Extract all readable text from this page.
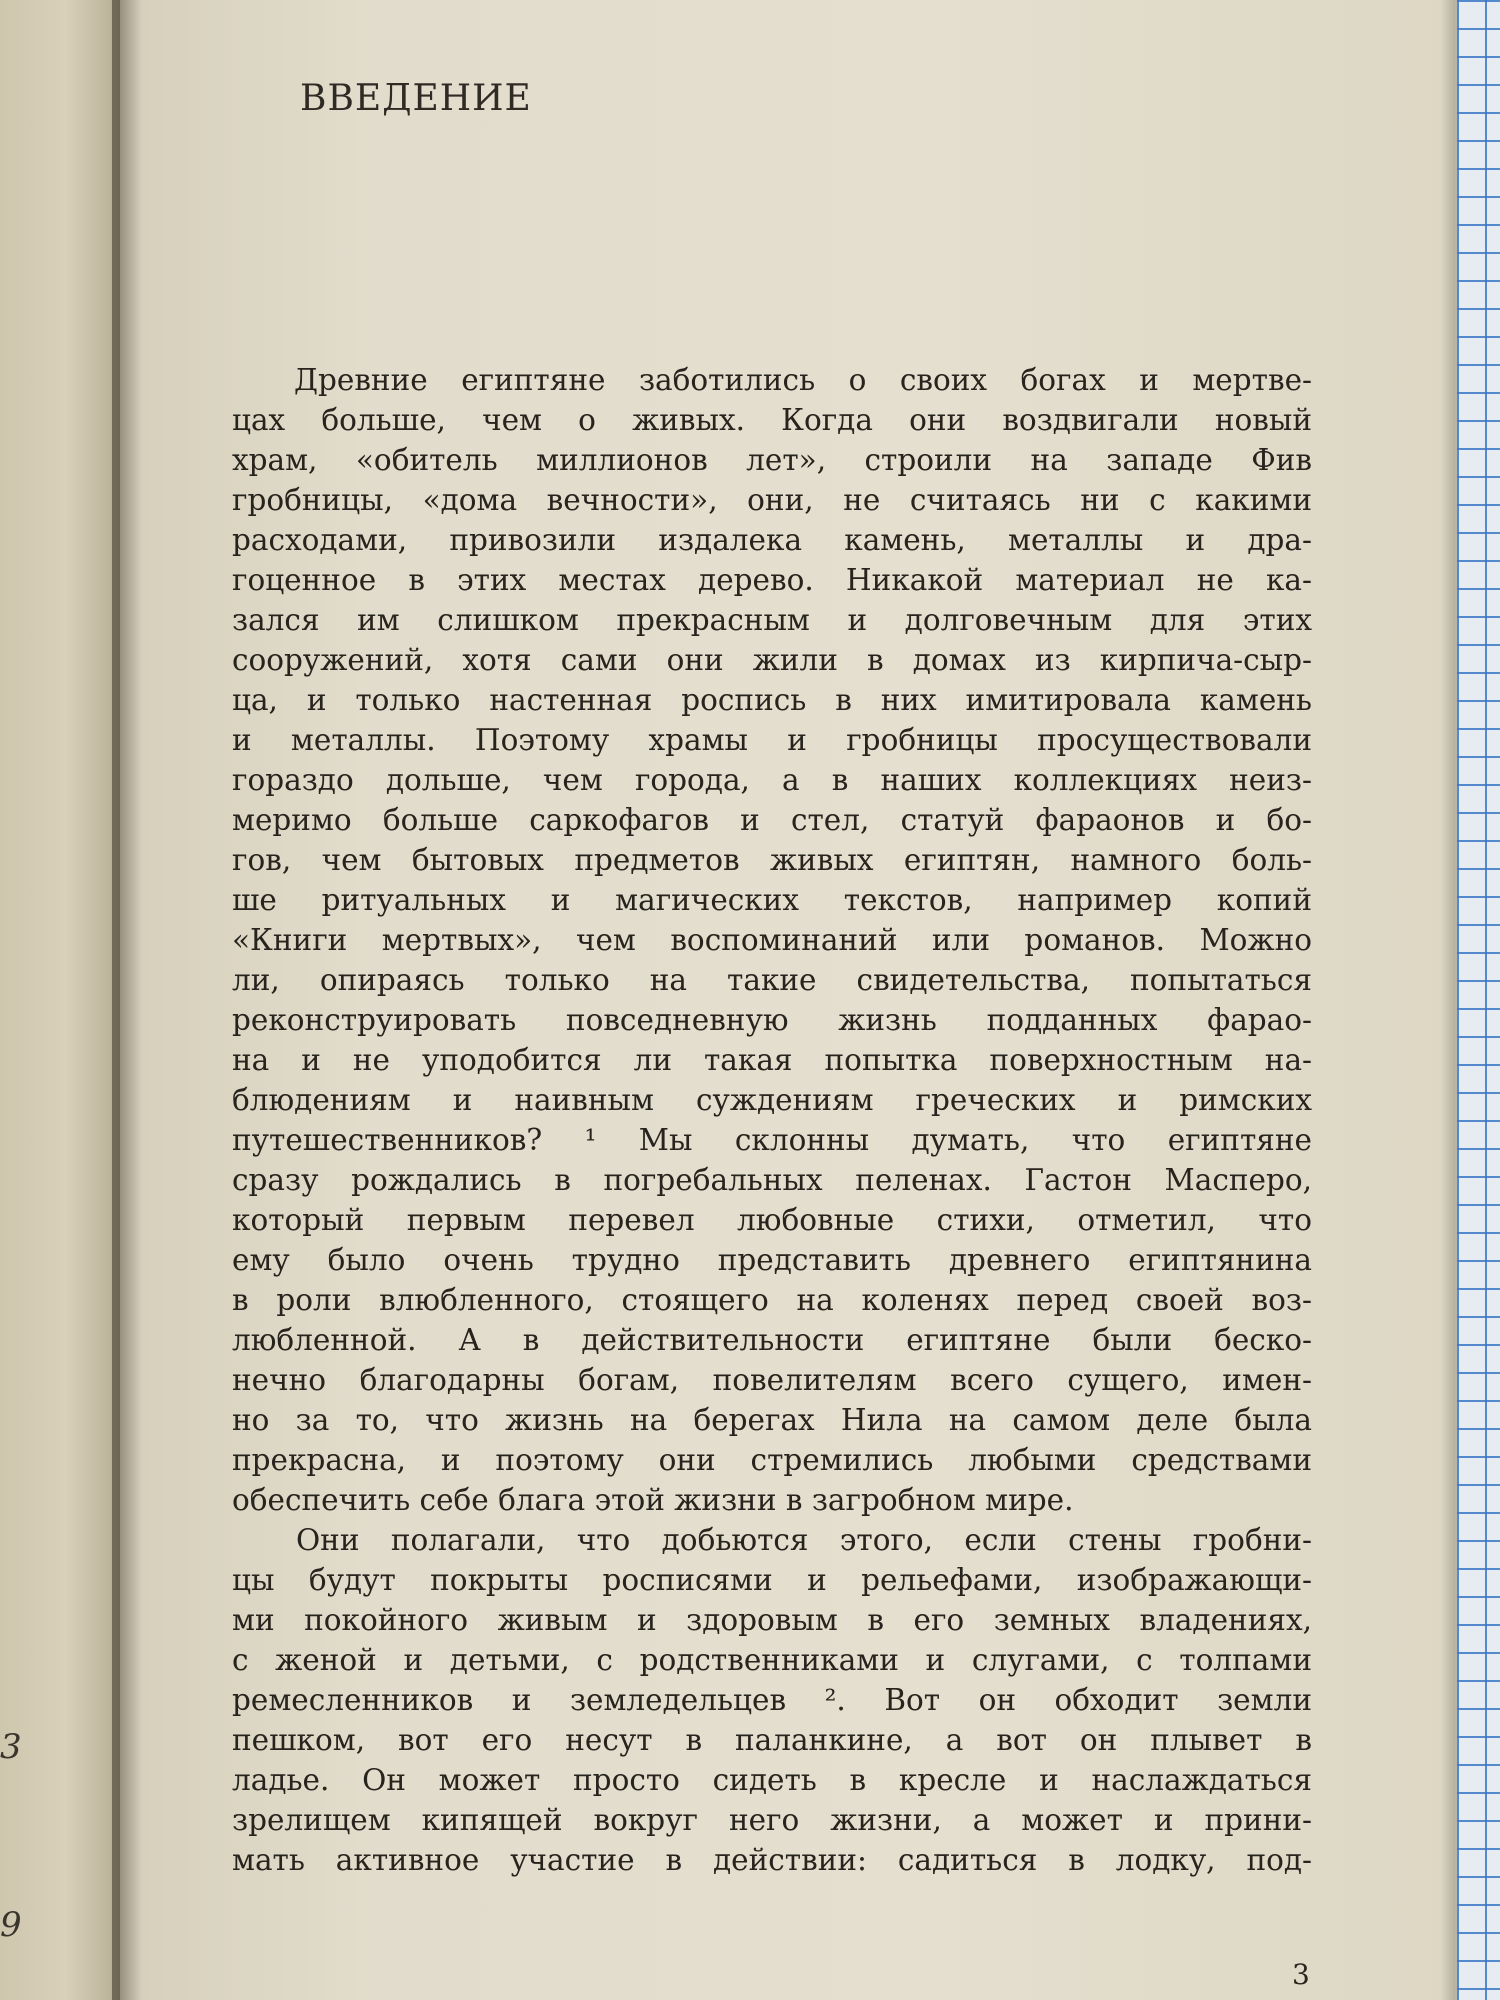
3
9
ВВЕДЕНИЕ
Древние египтяне заботились о своих богах и мертве-
цах больше, чем о живых. Когда они воздвигали новый
храм, «обитель миллионов лет», строили на западе Фив
гробницы, «дома вечности», они, не считаясь ни с какими
расходами, привозили издалека камень, металлы и дра-
гоценное в этих местах дерево. Никакой материал не ка-
зался им слишком прекрасным и долговечным для этих
сооружений, хотя сами они жили в домах из кирпича-сыр-
ца, и только настенная роспись в них имитировала камень
и металлы. Поэтому храмы и гробницы просуществовали
гораздо дольше, чем города, а в наших коллекциях неиз-
меримо больше саркофагов и стел, статуй фараонов и бо-
гов, чем бытовых предметов живых египтян, намного боль-
ше ритуальных и магических текстов, например копий
«Книги мертвых», чем воспоминаний или романов. Можно
ли, опираясь только на такие свидетельства, попытаться
реконструировать повседневную жизнь подданных фарао-
на и не уподобится ли такая попытка поверхностным на-
блюдениям и наивным суждениям греческих и римских
путешественников? ¹ Мы склонны думать, что египтяне
сразу рождались в погребальных пеленах. Гастон Масперо,
который первым перевел любовные стихи, отметил, что
ему было очень трудно представить древнего египтянина
в роли влюбленного, стоящего на коленях перед своей воз-
любленной. А в действительности египтяне были беско-
нечно благодарны богам, повелителям всего сущего, имен-
но за то, что жизнь на берегах Нила на самом деле была
прекрасна, и поэтому они стремились любыми средствами
обеспечить себе блага этой жизни в загробном мире.
Они полагали, что добьются этого, если стены гробни-
цы будут покрыты росписями и рельефами, изображающи-
ми покойного живым и здоровым в его земных владениях,
с женой и детьми, с родственниками и слугами, с толпами
ремесленников и земледельцев ². Вот он обходит земли
пешком, вот его несут в паланкине, а вот он плывет в
ладье. Он может просто сидеть в кресле и наслаждаться
зрелищем кипящей вокруг него жизни, а может и прини-
мать активное участие в действии: садиться в лодку, под-
3
